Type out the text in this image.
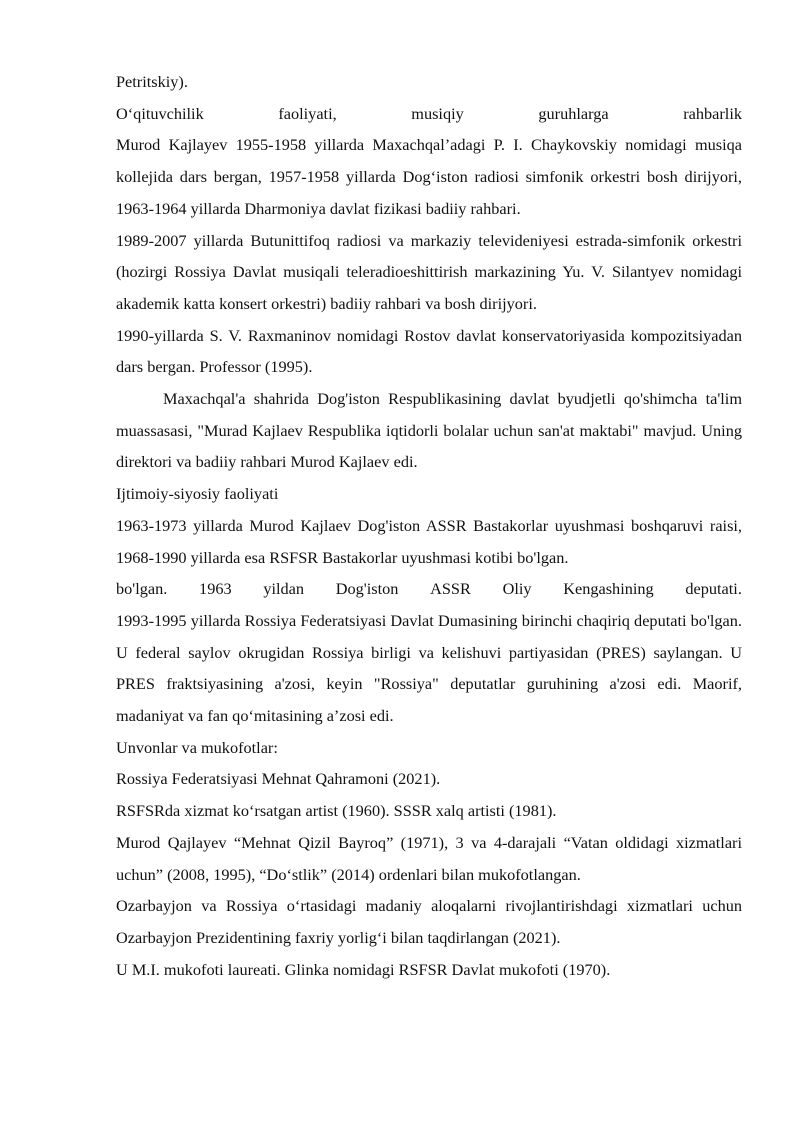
Petritskiy).

O‘qituvchilik	faoliyati,	musiqiy	guruhlarga	rahbarlik

Murod Kajlayev 1955-1958 yillarda Maxachqal’adagi P. I. Chaykovskiy nomidagi musiqa kollejida dars bergan, 1957-1958 yillarda Dog‘iston radiosi simfonik orkestri bosh dirijyori, 1963-1964 yillarda Dharmoniya davlat fizikasi badiiy rahbari.

1989-2007 yillarda Butunittifoq radiosi va markaziy televideniyesi estrada-simfonik orkestri (hozirgi Rossiya Davlat musiqali teleradioeshittirish markazining Yu. V. Silantyev nomidagi akademik katta konsert orkestri) badiiy rahbari va bosh dirijyori.

1990-yillarda S. V. Raxmaninov nomidagi Rostov davlat konservatoriyasida kompozitsiyadan dars bergan. Professor (1995).

Maxachqal'a shahrida Dog'iston Respublikasining davlat byudjetli qo'shimcha ta'lim muassasasi, "Murad Kajlaev Respublika iqtidorli bolalar uchun san'at maktabi" mavjud. Uning direktori va badiiy rahbari Murod Kajlaev edi.

Ijtimoiy-siyosiy faoliyati

1963-1973 yillarda Murod Kajlaev Dog'iston ASSR Bastakorlar uyushmasi boshqaruvi raisi, 1968-1990 yillarda esa RSFSR Bastakorlar uyushmasi kotibi bo'lgan.

bo'lgan. 1963 yildan Dog'iston ASSR Oliy Kengashining deputati.

1993-1995 yillarda Rossiya Federatsiyasi Davlat Dumasining birinchi chaqiriq deputati bo'lgan. U federal saylov okrugidan Rossiya birligi va kelishuvi partiyasidan (PRES) saylangan. U PRES fraktsiyasining a'zosi, keyin "Rossiya" deputatlar guruhining a'zosi edi. Maorif, madaniyat va fan qo‘mitasining a’zosi edi.

Unvonlar va mukofotlar:

Rossiya Federatsiyasi Mehnat Qahramoni (2021).

RSFSRda xizmat ko‘rsatgan artist (1960). SSSR xalq artisti (1981).

Murod Qajlayev “Mehnat Qizil Bayroq” (1971), 3 va 4-darajali “Vatan oldidagi xizmatlari uchun” (2008, 1995), “Do‘stlik” (2014) ordenlari bilan mukofotlangan.

Ozarbayjon va Rossiya o‘rtasidagi madaniy aloqalarni rivojlantirishdagi xizmatlari uchun Ozarbayjon Prezidentining faxriy yorlig‘i bilan taqdirlangan (2021).

U M.I. mukofoti laureati. Glinka nomidagi RSFSR Davlat mukofoti (1970).
